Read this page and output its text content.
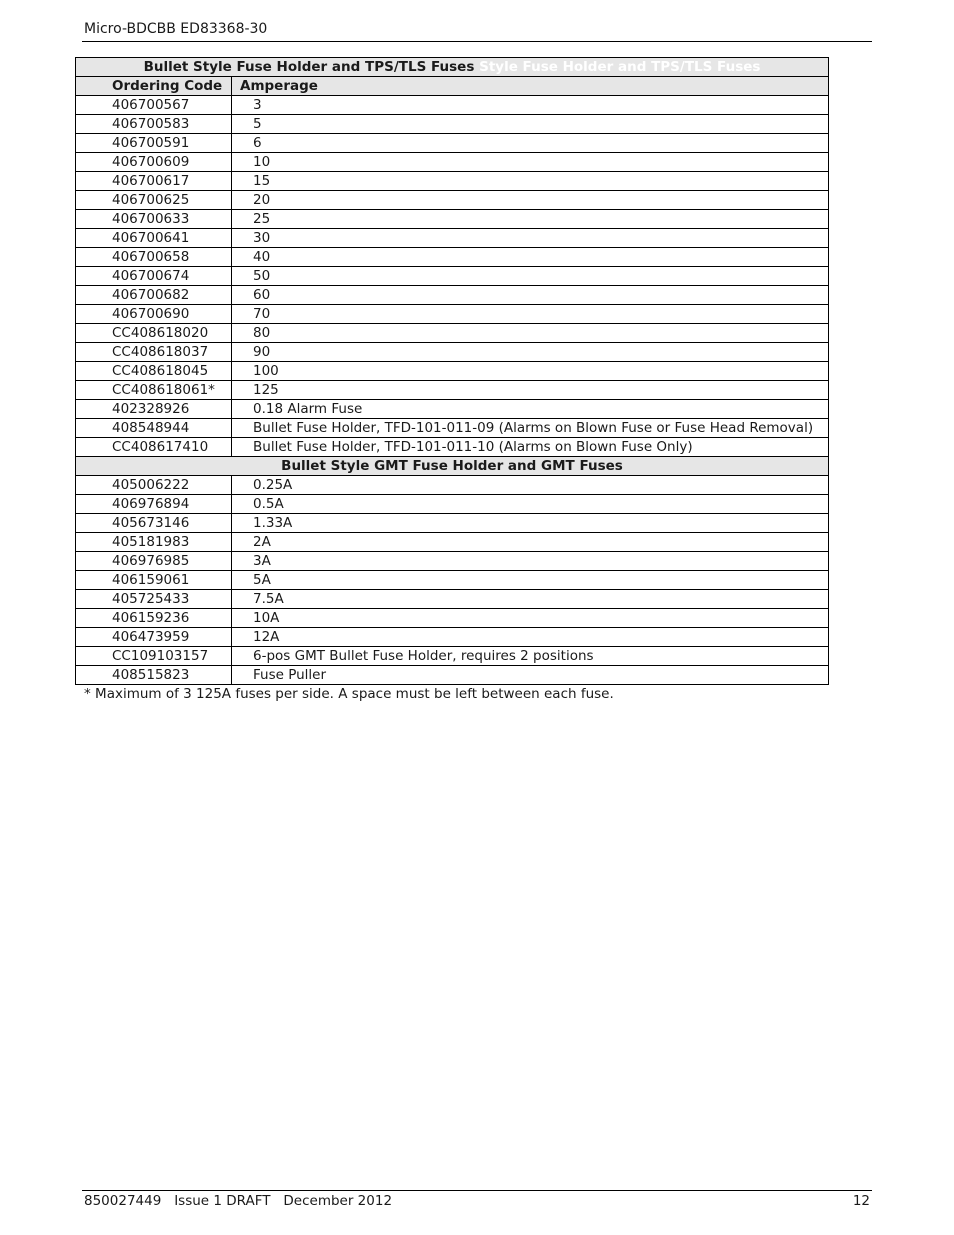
Micro-BDCBB ED83368-30
Bullet Style Fuse Holder and TPS/TLS Fuses Style Fuse Holder and TPS/TLS Fuses	
Ordering Code	Amperage
406700567	3
406700583	5
406700591	6
406700609	10
406700617	15
406700625	20
406700633	25
406700641	30
406700658	40
406700674	50
406700682	60
406700690	70
CC408618020	80
CC408618037	90
CC408618045	100
CC408618061*	125
402328926	0.18 Alarm Fuse
408548944	Bullet Fuse Holder, TFD-101-011-09 (Alarms on Blown Fuse or Fuse Head Removal)
CC408617410	Bullet Fuse Holder, TFD-101-011-10 (Alarms on Blown Fuse Only)
Bullet Style GMT Fuse Holder and GMT Fuses	
405006222	0.25A
406976894	0.5A
405673146	1.33A
405181983	2A
406976985	3A
406159061	5A
405725433	7.5A
406159236	10A
406473959	12A
CC109103157	6-pos GMT Bullet Fuse Holder, requires 2 positions
408515823	Fuse Puller
* Maximum of 3 125A fuses per side. A space must be left between each fuse.
850027449 Issue 1 DRAFT December 2012	12
